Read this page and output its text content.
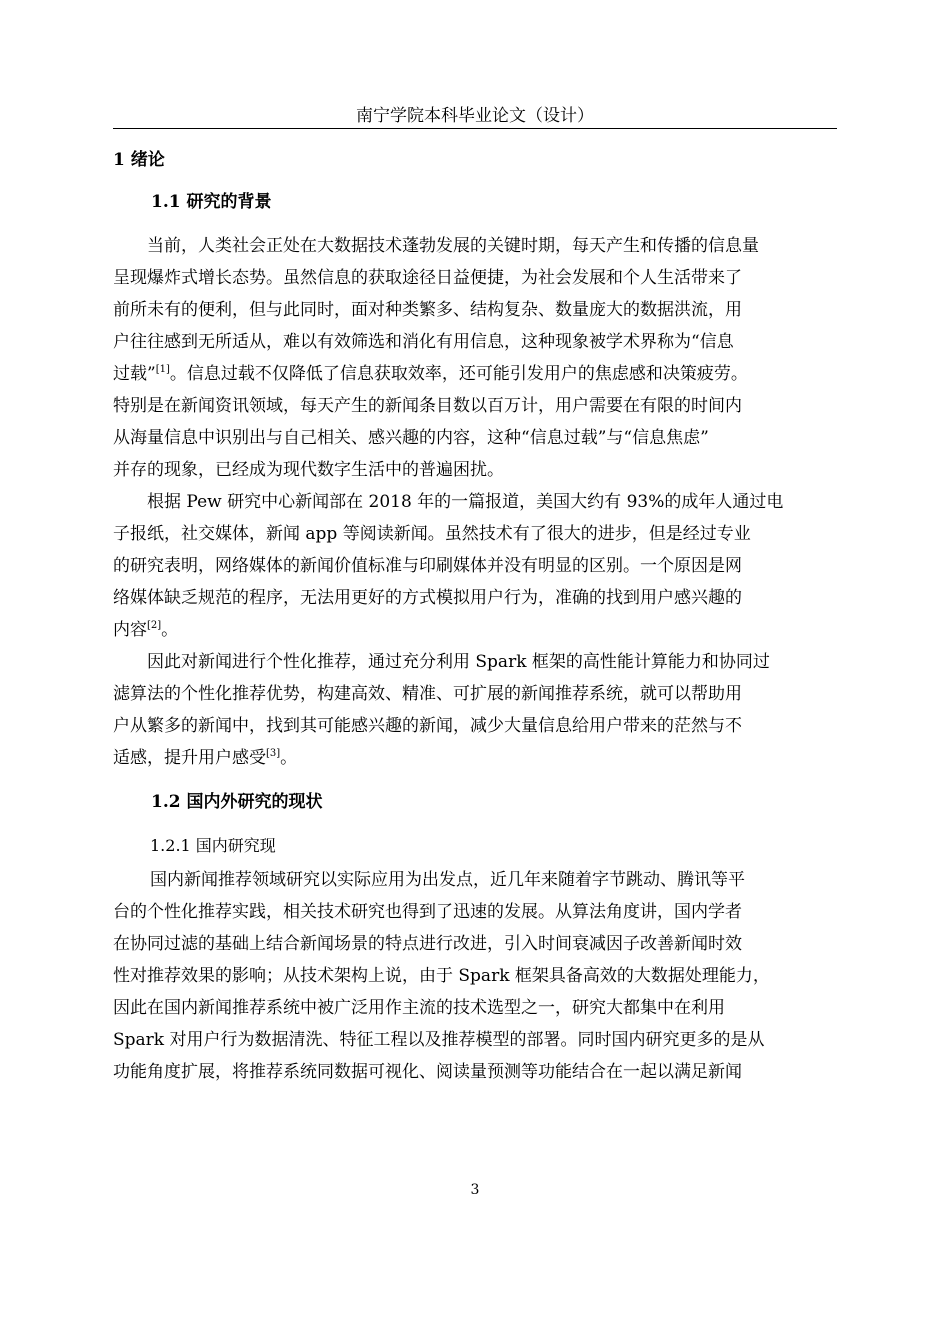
南宁学院本科毕业论文（设计）
1 绪论
1.1 研究的背景
当前，人类社会正处在大数据技术蓬勃发展的关键时期，每天产生和传播的信息量
呈现爆炸式增长态势。虽然信息的获取途径日益便捷，为社会发展和个人生活带来了
前所未有的便利，但与此同时，面对种类繁多、结构复杂、数量庞大的数据洪流，用
户往往感到无所适从，难以有效筛选和消化有用信息，这种现象被学术界称为“信息
过载”[1]。信息过载不仅降低了信息获取效率，还可能引发用户的焦虑感和决策疲劳。
特别是在新闻资讯领域，每天产生的新闻条目数以百万计，用户需要在有限的时间内
从海量信息中识别出与自己相关、感兴趣的内容，这种“信息过载”与“信息焦虑”
并存的现象，已经成为现代数字生活中的普遍困扰。
根据 Pew 研究中心新闻部在 2018 年的一篇报道，美国大约有 93%的成年人通过电
子报纸，社交媒体，新闻 app 等阅读新闻。虽然技术有了很大的进步，但是经过专业
的研究表明，网络媒体的新闻价值标准与印刷媒体并没有明显的区别。一个原因是网
络媒体缺乏规范的程序，无法用更好的方式模拟用户行为，准确的找到用户感兴趣的
内容[2]。
因此对新闻进行个性化推荐，通过充分利用 Spark 框架的高性能计算能力和协同过
滤算法的个性化推荐优势，构建高效、精准、可扩展的新闻推荐系统，就可以帮助用
户从繁多的新闻中，找到其可能感兴趣的新闻，减少大量信息给用户带来的茫然与不
适感，提升用户感受[3]。
1.2 国内外研究的现状
1.2.1 国内研究现
国内新闻推荐领域研究以实际应用为出发点，近几年来随着字节跳动、腾讯等平
台的个性化推荐实践，相关技术研究也得到了迅速的发展。从算法角度讲，国内学者
在协同过滤的基础上结合新闻场景的特点进行改进，引入时间衰减因子改善新闻时效
性对推荐效果的影响；从技术架构上说，由于 Spark 框架具备高效的大数据处理能力，
因此在国内新闻推荐系统中被广泛用作主流的技术选型之一，研究大都集中在利用
Spark 对用户行为数据清洗、特征工程以及推荐模型的部署。同时国内研究更多的是从
功能角度扩展，将推荐系统同数据可视化、阅读量预测等功能结合在一起以满足新闻
3
